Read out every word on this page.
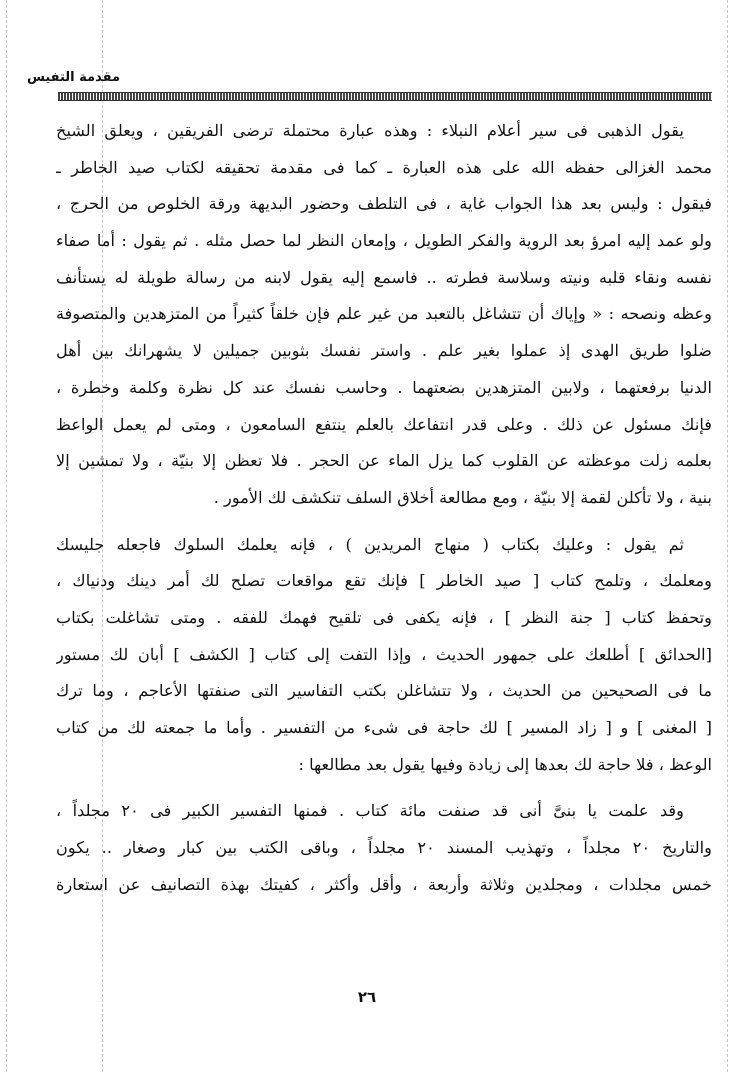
مقدمة التفيس
يقول الذهبى فى سير أعلام النبلاء : وهذه عبارة محتملة ترضى الفريقين ، ويعلق الشيخ
محمد الغزالى حفظه الله على هذه العبارة ـ كما فى مقدمة تحقيقه لكتاب صيد الخاطر ـ
فيقول : وليس بعد هذا الجواب غاية ، فى التلطف وحضور البديهة ورقة الخلوص من الحرج ،
ولو عمد إليه امرؤ بعد الروية والفكر الطويل ، وإمعان النظر لما حصل مثله . ثم يقول : أما صفاء
نفسه ونقاء قلبه ونيته وسلاسة فطرته .. فاسمع إليه يقول لابنه من رسالة طويلة له يستأنف
وعظه ونصحه : « وإياك أن تتشاغل بالتعبد من غير علم فإن خلقاً كثيراً من المتزهدين والمتصوفة
ضلوا طريق الهدى إذ عملوا بغير علم . واستر نفسك بثوبين جميلين لا يشهرانك بين أهل
الدنيا برفعتهما ، ولابين المتزهدين بضعتهما . وحاسب نفسك عند كل نظرة وكلمة وخطرة ،
فإنك مسئول عن ذلك . وعلى قدر انتفاعك بالعلم ينتفع السامعون ، ومتى لم يعمل الواعظ
بعلمه زلت موعظته عن القلوب كما يزل الماء عن الحجر . فلا تعظن إلا بنيّة ، ولا تمشين إلا
بنية ، ولا تأكلن لقمة إلا بنيّة ، ومع مطالعة أخلاق السلف تنكشف لك الأمور .
ثم يقول : وعليك بكتاب ( منهاج المريدين ) ، فإنه يعلمك السلوك فاجعله جليسك
ومعلمك ، وتلمح كتاب [ صيد الخاطر ] فإنك تقع مواقعات تصلح لك أمر دينك ودنياك ،
وتحفظ كتاب [ جنة النظر ] ، فإنه يكفى فى تلقيح فهمك للفقه . ومتى تشاغلت بكتاب
[الحدائق ] أطلعك على جمهور الحديث ، وإذا التفت إلى كتاب [ الكشف ] أبان لك مستور
ما فى الصحيحين من الحديث ، ولا تتشاغلن بكتب التفاسير التى صنفتها الأعاجم ، وما ترك
[ المغنى ] و [ زاد المسير ] لك حاجة فى شىء من التفسير . وأما ما جمعته لك من كتاب
الوعظ ، فلا حاجة لك بعدها إلى زيادة وفيها يقول بعد مطالعها :
وقد علمت يا بنىَّ أنى قد صنفت مائة كتاب . فمنها التفسير الكبير فى ٢٠ مجلداً ،
والتاريخ ٢٠ مجلداً ، وتهذيب المسند ٢٠ مجلداً ، وباقى الكتب بين كبار وصغار .. يكون
خمس مجلدات ، ومجلدين وثلاثة وأربعة ، وأقل وأكثر ، كفيتك بهذة التصانيف عن استعارة
٢٦
